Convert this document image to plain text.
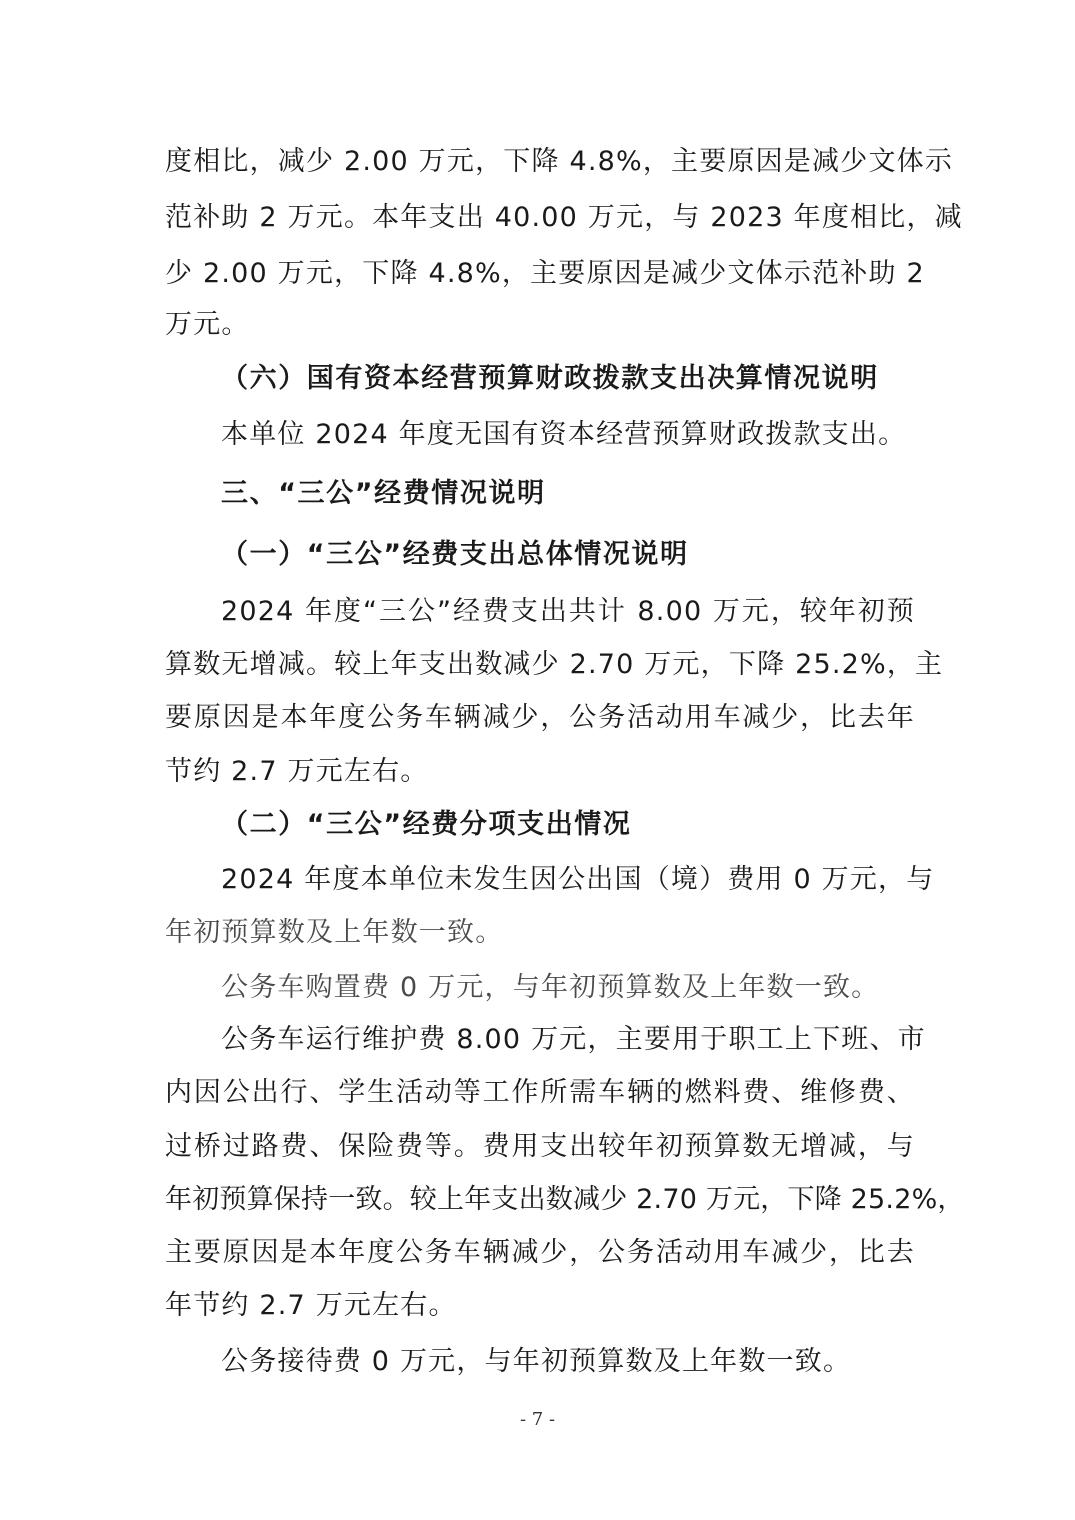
度相比，减少 2.00 万元，下降 4.8%，主要原因是减少文体示
范补助 2 万元。本年支出 40.00 万元，与 2023 年度相比，减
少 2.00 万元，下降 4.8%，主要原因是减少文体示范补助 2
万元。
（六）国有资本经营预算财政拨款支出决算情况说明
本单位 2024 年度无国有资本经营预算财政拨款支出。
三、“三公”经费情况说明
（一）“三公”经费支出总体情况说明
2024 年度“三公”经费支出共计 8.00 万元，较年初预
算数无增减。较上年支出数减少 2.70 万元，下降 25.2%，主
要原因是本年度公务车辆减少，公务活动用车减少，比去年
节约 2.7 万元左右。
（二）“三公”经费分项支出情况
2024 年度本单位未发生因公出国（境）费用 0 万元，与
年初预算数及上年数一致。
公务车购置费 0 万元，与年初预算数及上年数一致。
公务车运行维护费 8.00 万元，主要用于职工上下班、市
内因公出行、学生活动等工作所需车辆的燃料费、维修费、
过桥过路费、保险费等。费用支出较年初预算数无增减，与
年初预算保持一致。较上年支出数减少 2.70 万元，下降 25.2%，
主要原因是本年度公务车辆减少，公务活动用车减少，比去
年节约 2.7 万元左右。
公务接待费 0 万元，与年初预算数及上年数一致。
- 7 -
